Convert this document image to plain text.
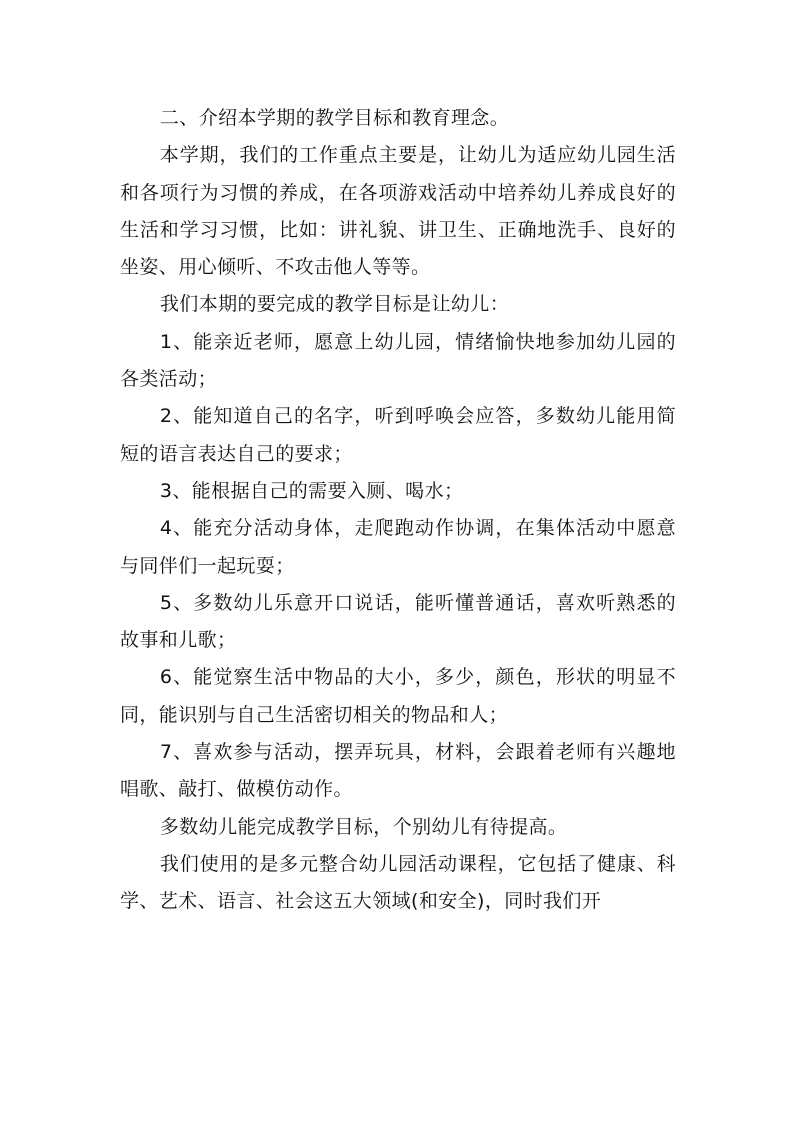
二、介绍本学期的教学目标和教育理念。

本学期，我们的工作重点主要是，让幼儿为适应幼儿园生活和各项行为习惯的养成，在各项游戏活动中培养幼儿养成良好的生活和学习习惯，比如：讲礼貌、讲卫生、正确地洗手、良好的坐姿、用心倾听、不攻击他人等等。

我们本期的要完成的教学目标是让幼儿：

1、能亲近老师，愿意上幼儿园，情绪愉快地参加幼儿园的各类活动；

2、能知道自己的名字，听到呼唤会应答，多数幼儿能用简短的语言表达自己的要求；

3、能根据自己的需要入厕、喝水；

4、能充分活动身体，走爬跑动作协调，在集体活动中愿意与同伴们一起玩耍；

5、多数幼儿乐意开口说话，能听懂普通话，喜欢听熟悉的故事和儿歌；

6、能觉察生活中物品的大小，多少，颜色，形状的明显不同，能识别与自己生活密切相关的物品和人；

7、喜欢参与活动，摆弄玩具，材料，会跟着老师有兴趣地唱歌、敲打、做模仿动作。

多数幼儿能完成教学目标，个别幼儿有待提高。

我们使用的是多元整合幼儿园活动课程，它包括了健康、科学、艺术、语言、社会这五大领域(和安全)，同时我们开
